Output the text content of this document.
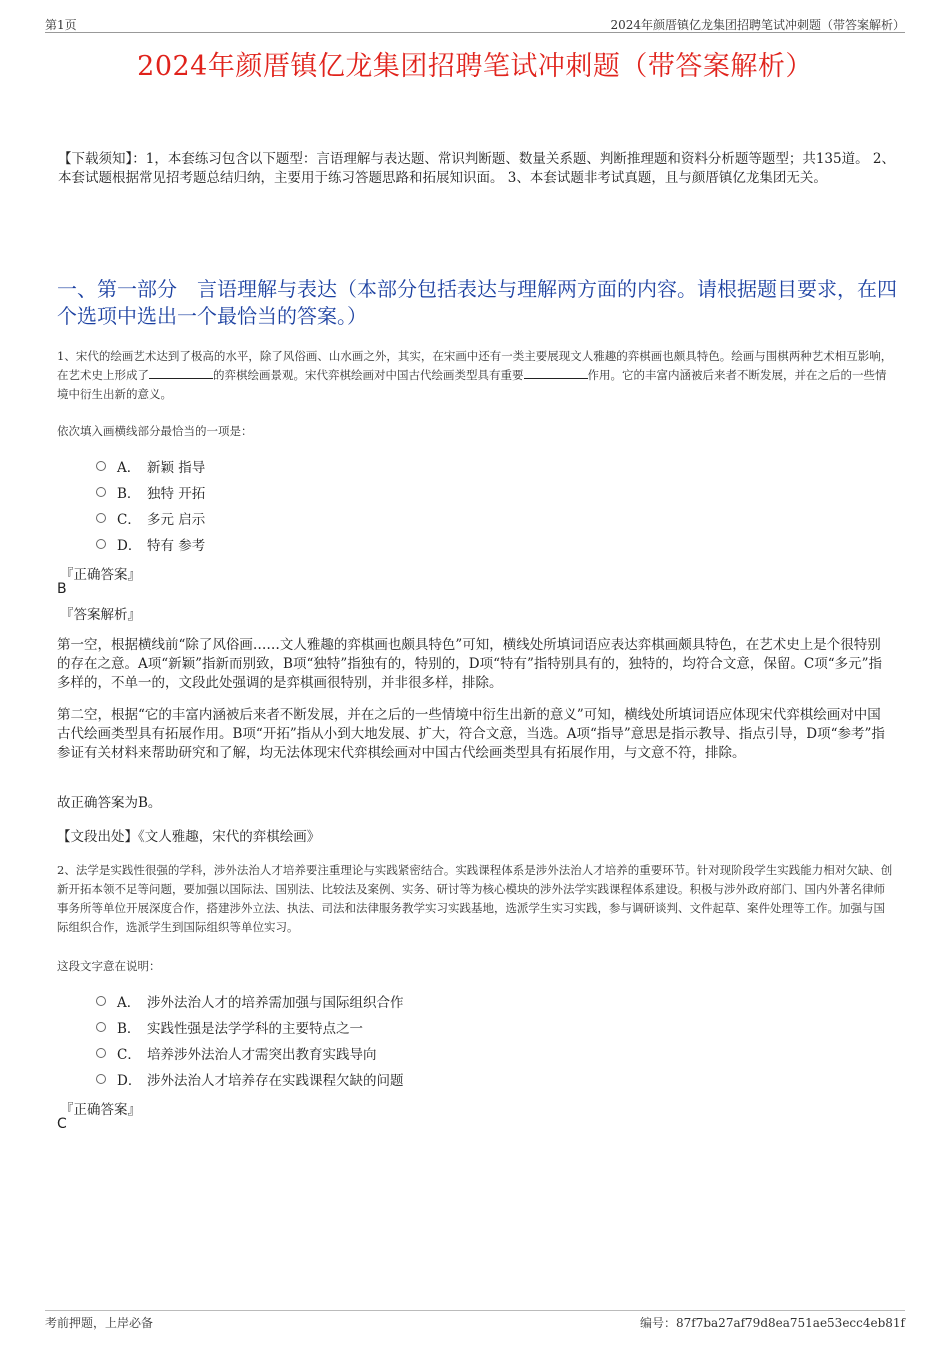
第1页	2024年颜厝镇亿龙集团招聘笔试冲刺题（带答案解析）
2024年颜厝镇亿龙集团招聘笔试冲刺题（带答案解析）
【下载须知】：1，本套练习包含以下题型：言语理解与表达题、常识判断题、数量关系题、判断推理题和资料分析题等题型；共135道。 2、本套试题根据常见招考题总结归纳，主要用于练习答题思路和拓展知识面。 3、本套试题非考试真题，且与颜厝镇亿龙集团无关。
一、第一部分　言语理解与表达（本部分包括表达与理解两方面的内容。请根据题目要求，在四个选项中选出一个最恰当的答案。）
1、宋代的绘画艺术达到了极高的水平，除了风俗画、山水画之外，其实，在宋画中还有一类主要展现文人雅趣的弈棋画也颇具特色。绘画与围棋两种艺术相互影响，在艺术史上形成了	的弈棋绘画景观。宋代弈棋绘画对中国古代绘画类型具有重要	作用。它的丰富内涵被后来者不断发展，并在之后的一些情境中衍生出新的意义。
依次填入画横线部分最恰当的一项是：
A． 新颖 指导
B． 独特 开拓
C． 多元 启示
D． 特有 参考
『正确答案』
B
『答案解析』
第一空，根据横线前“除了风俗画……文人雅趣的弈棋画也颇具特色”可知，横线处所填词语应表达弈棋画颇具特色，在艺术史上是个很特别的存在之意。A项“新颖”指新而别致，B项“独特”指独有的，特别的，D项“特有”指特别具有的，独特的，均符合文意，保留。C项“多元”指多样的，不单一的，文段此处强调的是弈棋画很特别，并非很多样，排除。
第二空，根据“它的丰富内涵被后来者不断发展，并在之后的一些情境中衍生出新的意义”可知，横线处所填词语应体现宋代弈棋绘画对中国古代绘画类型具有拓展作用。B项“开拓”指从小到大地发展、扩大，符合文意，当选。A项“指导”意思是指示教导、指点引导，D项“参考”指参证有关材料来帮助研究和了解，均无法体现宋代弈棋绘画对中国古代绘画类型具有拓展作用，与文意不符，排除。
故正确答案为B。
【文段出处】《文人雅趣，宋代的弈棋绘画》
2、法学是实践性很强的学科，涉外法治人才培养要注重理论与实践紧密结合。实践课程体系是涉外法治人才培养的重要环节。针对现阶段学生实践能力相对欠缺、创新开拓本领不足等问题，要加强以国际法、国别法、比较法及案例、实务、研讨等为核心模块的涉外法学实践课程体系建设。积极与涉外政府部门、国内外著名律师事务所等单位开展深度合作，搭建涉外立法、执法、司法和法律服务教学实习实践基地，选派学生实习实践，参与调研谈判、文件起草、案件处理等工作。加强与国际组织合作，选派学生到国际组织等单位实习。
这段文字意在说明：
A． 涉外法治人才的培养需加强与国际组织合作
B． 实践性强是法学学科的主要特点之一
C． 培养涉外法治人才需突出教育实践导向
D． 涉外法治人才培养存在实践课程欠缺的问题
『正确答案』
C
考前押题，上岸必备	编号：87f7ba27af79d8ea751ae53ecc4eb81f
